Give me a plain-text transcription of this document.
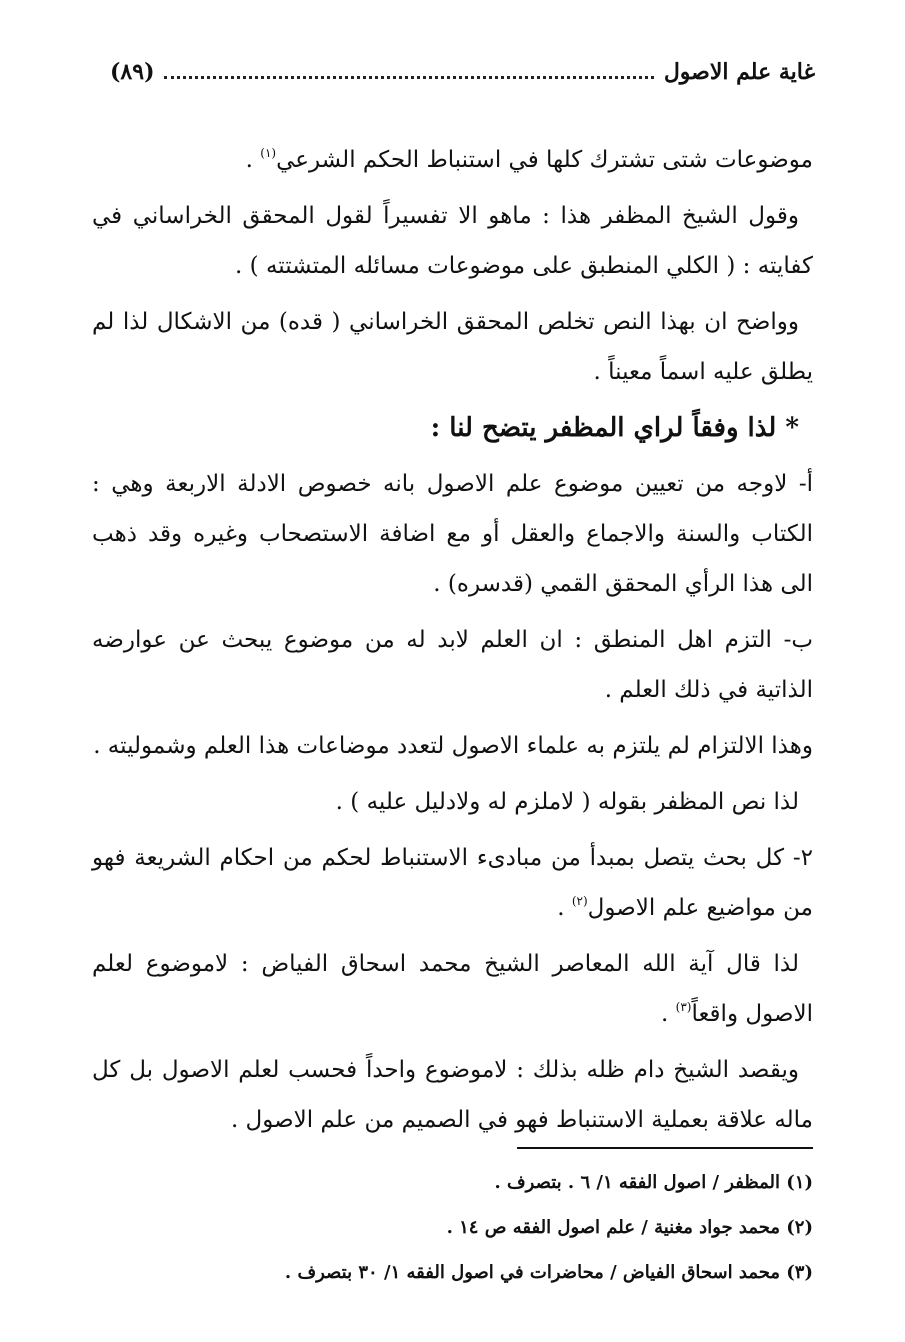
غاية علم الاصول
(٨٩)

موضوعات شتى تشترك كلها في استنباط الحكم الشرعي$^{(١)}$ .

وقول الشيخ المظفر هذا : ماهو الا تفسيراً لقول المحقق الخراساني في كفايته : ( الكلي المنطبق على موضوعات مسائله المتشتته ) .

وواضح ان بهذا النص تخلص المحقق الخراساني ( قده) من الاشكال لذا لم يطلق عليه اسماً معيناً .

* لذا وفقاً لراي المظفر يتضح لنا :

أ- لاوجه من تعيين موضوع علم الاصول بانه خصوص الادلة الاربعة وهي : الكتاب والسنة والاجماع والعقل أو مع اضافة الاستصحاب وغيره وقد ذهب الى هذا الرأي المحقق القمي (قدسره) .

ب- التزم اهل المنطق : ان العلم لابد له من موضوع يبحث عن عوارضه الذاتية في ذلك العلم .

وهذا الالتزام لم يلتزم به علماء الاصول لتعدد موضاعات هذا العلم وشموليته .

لذا نص المظفر بقوله ( لاملزم له ولادليل عليه ) .

٢- كل بحث يتصل بمبدأ من مبادىء الاستنباط لحكم من احكام الشريعة فهو من مواضيع علم الاصول$^{(٢)}$ .

لذا قال آية الله المعاصر الشيخ محمد اسحاق الفياض : لاموضوع لعلم الاصول واقعاً$^{(٣)}$ .

ويقصد الشيخ دام ظله بذلك : لاموضوع واحداً فحسب لعلم الاصول بل كل ماله علاقة بعملية الاستنباط فهو في الصميم من علم الاصول .

(١) المظفر / اصول الفقه ١/ ٦ . بتصرف .
(٢) محمد جواد مغنية / علم اصول الفقه ص ١٤ .
(٣) محمد اسحاق الفياض / محاضرات في اصول الفقه ١/ ٣٠ بتصرف .
